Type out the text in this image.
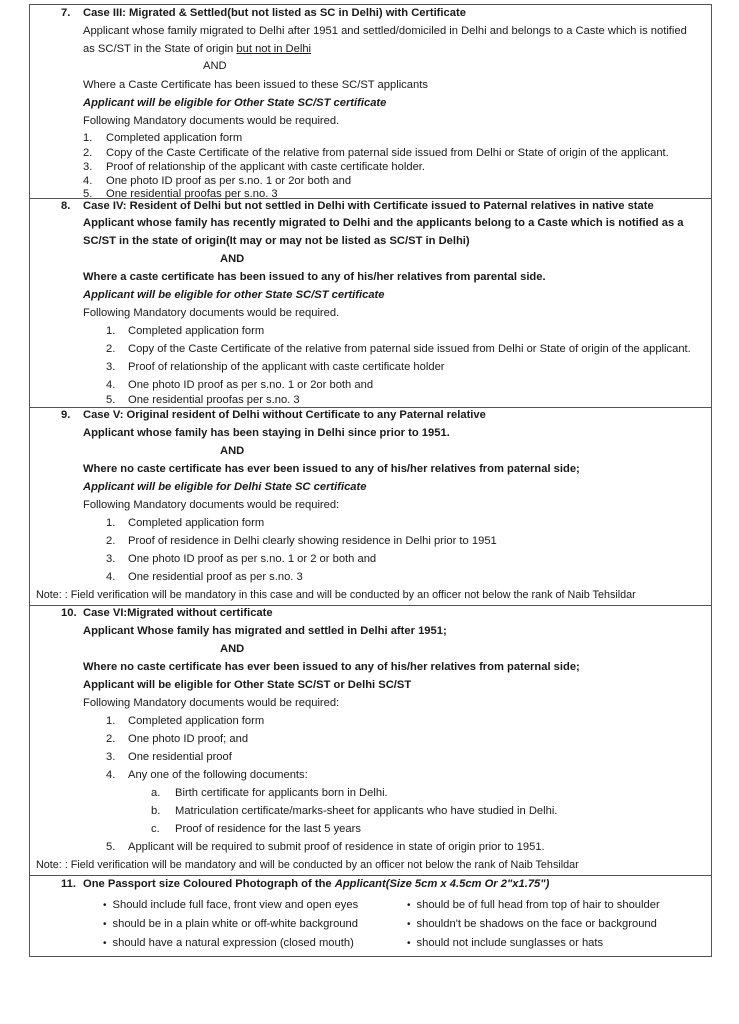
7. Case III: Migrated & Settled(but not listed as SC in Delhi) with Certificate
Applicant whose family migrated to Delhi after 1951 and settled/domiciled in Delhi and belongs to a Caste which is notified
as SC/ST in the State of origin but not in Delhi
AND
Where a Caste Certificate has been issued to these SC/ST applicants
Applicant will be eligible for Other State SC/ST certificate
Following Mandatory documents would be required.
1. Completed application form
2. Copy of the Caste Certificate of the relative from paternal side issued from Delhi or State of origin of the applicant.
3. Proof of relationship of the applicant with caste certificate holder.
4. One photo ID proof as per s.no. 1 or 2or both and
5. One residential proofas per s.no. 3
8. Case IV: Resident of Delhi but not settled in Delhi with Certificate issued to Paternal relatives in native state
Applicant whose family has recently migrated to Delhi and the applicants belong to a Caste which is notified as a
SC/ST in the state of origin(It may or may not be listed as SC/ST in Delhi)
AND
Where a caste certificate has been issued to any of his/her relatives from parental side.
Applicant will be eligible for other State SC/ST certificate
Following Mandatory documents would be required.
1. Completed application form
2. Copy of the Caste Certificate of the relative from paternal side issued from Delhi or State of origin of the applicant.
3. Proof of relationship of the applicant with caste certificate holder
4. One photo ID proof as per s.no. 1 or 2or both and
5. One residential proofas per s.no. 3
9. Case V: Original resident of Delhi without Certificate to any Paternal relative
Applicant whose family has been staying in Delhi since prior to 1951.
AND
Where no caste certificate has ever been issued to any of his/her relatives from paternal side;
Applicant will be eligible for Delhi State SC certificate
Following Mandatory documents would be required:
1. Completed application form
2. Proof of residence in Delhi clearly showing residence in Delhi prior to 1951
3. One photo ID proof as per s.no. 1 or 2 or both and
4. One residential proof as per s.no. 3
Note: : Field verification will be mandatory in this case and will be conducted by an officer not below the rank of Naib Tehsildar
10. Case VI:Migrated without certificate
Applicant Whose family has migrated and settled in Delhi after 1951;
AND
Where no caste certificate has ever been issued to any of his/her relatives from paternal side;
Applicant will be eligible for Other State SC/ST or Delhi SC/ST
Following Mandatory documents would be required:
1. Completed application form
2. One photo ID proof; and
3. One residential proof
4. Any one of the following documents:
a. Birth certificate for applicants born in Delhi.
b. Matriculation certificate/marks-sheet for applicants who have studied in Delhi.
c. Proof of residence for the last 5 years
5. Applicant will be required to submit proof of residence in state of origin prior to 1951.
Note: : Field verification will be mandatory and will be conducted by an officer not below the rank of Naib Tehsildar
11. One Passport size Coloured Photograph of the Applicant(Size 5cm x 4.5cm Or 2"x1.75")
• Should include full face, front view and open eyes
• should be in a plain white or off-white background
• should have a natural expression (closed mouth)
• should be of full head from top of hair to shoulder
• shouldn't be shadows on the face or background
• should not include sunglasses or hats
